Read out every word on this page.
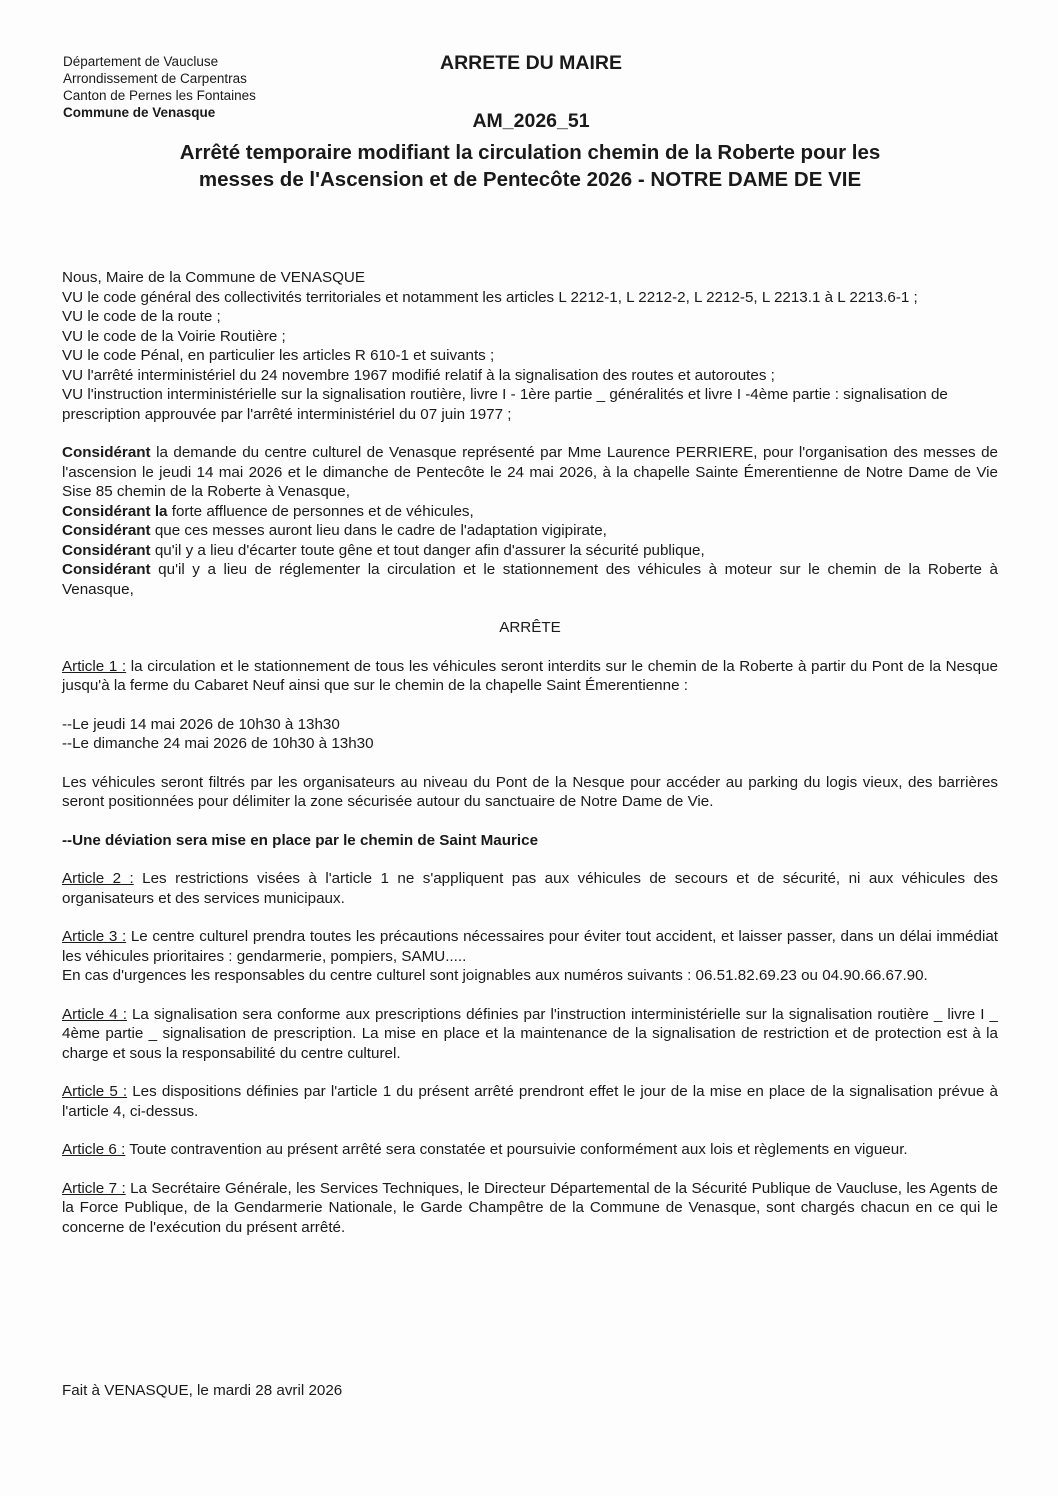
Département de Vaucluse
Arrondissement de Carpentras
Canton de Pernes les Fontaines
Commune de Venasque
ARRETE DU MAIRE
AM_2026_51
Arrêté temporaire modifiant la circulation chemin de la Roberte pour les
messes de l'Ascension et de Pentecôte 2026 - NOTRE DAME DE VIE

Nous, Maire de la Commune de VENASQUE

VU le code général des collectivités territoriales et notamment les articles L 2212-1, L 2212-2, L 2212-5, L 2213.1 à L 2213.6-1 ;

VU le code de la route ;

VU le code de la Voirie Routière ;

VU le code Pénal, en particulier les articles R 610-1 et suivants ;

VU l'arrêté interministériel du 24 novembre 1967 modifié relatif à la signalisation des routes et autoroutes ;

VU l'instruction interministérielle sur la signalisation routière, livre I - 1ère partie _ généralités et livre I -4ème partie : signalisation de prescription approuvée par l'arrêté interministériel du 07 juin 1977 ;

Considérant la demande du centre culturel de Venasque représenté par Mme Laurence PERRIERE, pour l'organisation des messes de l'ascension le jeudi 14 mai 2026 et le dimanche de Pentecôte le 24 mai 2026, à la chapelle Sainte Émerentienne de Notre Dame de Vie Sise 85 chemin de la Roberte à Venasque,

Considérant la forte affluence de personnes et de véhicules,

Considérant que ces messes auront lieu dans le cadre de l'adaptation vigipirate,

Considérant qu'il y a lieu d'écarter toute gêne et tout danger afin d'assurer la sécurité publique,

Considérant qu'il y a lieu de réglementer la circulation et le stationnement des véhicules à moteur sur le chemin de la Roberte à Venasque,

ARRÊTE

Article 1 : la circulation et le stationnement de tous les véhicules seront interdits sur le chemin de la Roberte à partir du Pont de la Nesque jusqu'à la ferme du Cabaret Neuf ainsi que sur le chemin de la chapelle Saint Émerentienne :

--Le jeudi 14 mai 2026 de 10h30 à 13h30

--Le dimanche 24 mai 2026 de 10h30 à 13h30

Les véhicules seront filtrés par les organisateurs au niveau du Pont de la Nesque pour accéder au parking du logis vieux, des barrières seront positionnées pour délimiter la zone sécurisée autour du sanctuaire de Notre Dame de Vie.

--Une déviation sera mise en place par le chemin de Saint Maurice

Article 2 : Les restrictions visées à l'article 1 ne s'appliquent pas aux véhicules de secours et de sécurité, ni aux véhicules des organisateurs et des services municipaux.

Article 3 : Le centre culturel prendra toutes les précautions nécessaires pour éviter tout accident, et laisser passer, dans un délai immédiat les véhicules prioritaires : gendarmerie, pompiers, SAMU.....

En cas d'urgences les responsables du centre culturel sont joignables aux numéros suivants : 06.51.82.69.23 ou 04.90.66.67.90.

Article 4 : La signalisation sera conforme aux prescriptions définies par l'instruction interministérielle sur la signalisation routière _ livre I _ 4ème partie _ signalisation de prescription. La mise en place et la maintenance de la signalisation de restriction et de protection est à la charge et sous la responsabilité du centre culturel.

Article 5 : Les dispositions définies par l'article 1 du présent arrêté prendront effet le jour de la mise en place de la signalisation prévue à l'article 4, ci-dessus.

Article 6 : Toute contravention au présent arrêté sera constatée et poursuivie conformément aux lois et règlements en vigueur.

Article 7 : La Secrétaire Générale, les Services Techniques, le Directeur Départemental de la Sécurité Publique de Vaucluse, les Agents de la Force Publique, de la Gendarmerie Nationale, le Garde Champêtre de la Commune de Venasque, sont chargés chacun en ce qui le concerne de l'exécution du présent arrêté.

Fait à VENASQUE, le mardi 28 avril 2026
